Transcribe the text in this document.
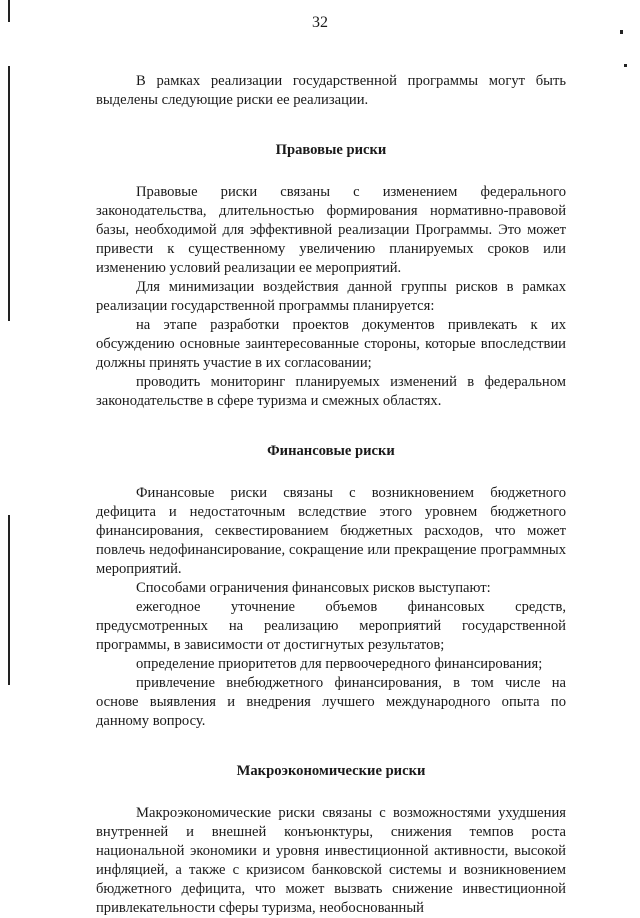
32

В рамках реализации государственной программы могут быть выделены следующие риски ее реализации.

Правовые риски

Правовые риски связаны с изменением федерального законодательства, длительностью формирования нормативно-правовой базы, необходимой для эффективной реализации Программы. Это может привести к существенному увеличению планируемых сроков или изменению условий реализации ее мероприятий.

Для минимизации воздействия данной группы рисков в рамках реализации государственной программы планируется:

на этапе разработки проектов документов привлекать к их обсуждению основные заинтересованные стороны, которые впоследствии должны принять участие в их согласовании;

проводить мониторинг планируемых изменений в федеральном законодательстве в сфере туризма и смежных областях.

Финансовые риски

Финансовые риски связаны с возникновением бюджетного дефицита и недостаточным вследствие этого уровнем бюджетного финансирования, секвестированием бюджетных расходов, что может повлечь недофинансирование, сокращение или прекращение программных мероприятий.

Способами ограничения финансовых рисков выступают:

ежегодное уточнение объемов финансовых средств, предусмотренных на реализацию мероприятий государственной программы, в зависимости от достигнутых результатов;

определение приоритетов для первоочередного финансирования;

привлечение внебюджетного финансирования, в том числе на основе выявления и внедрения лучшего международного опыта по данному вопросу.

Макроэкономические риски

Макроэкономические риски связаны с возможностями ухудшения внутренней и внешней конъюнктуры, снижения темпов роста национальной экономики и уровня инвестиционной активности, высокой инфляцией, а также с кризисом банковской системы и возникновением бюджетного дефицита, что может вызвать снижение инвестиционной привлекательности сферы туризма, необоснованный
